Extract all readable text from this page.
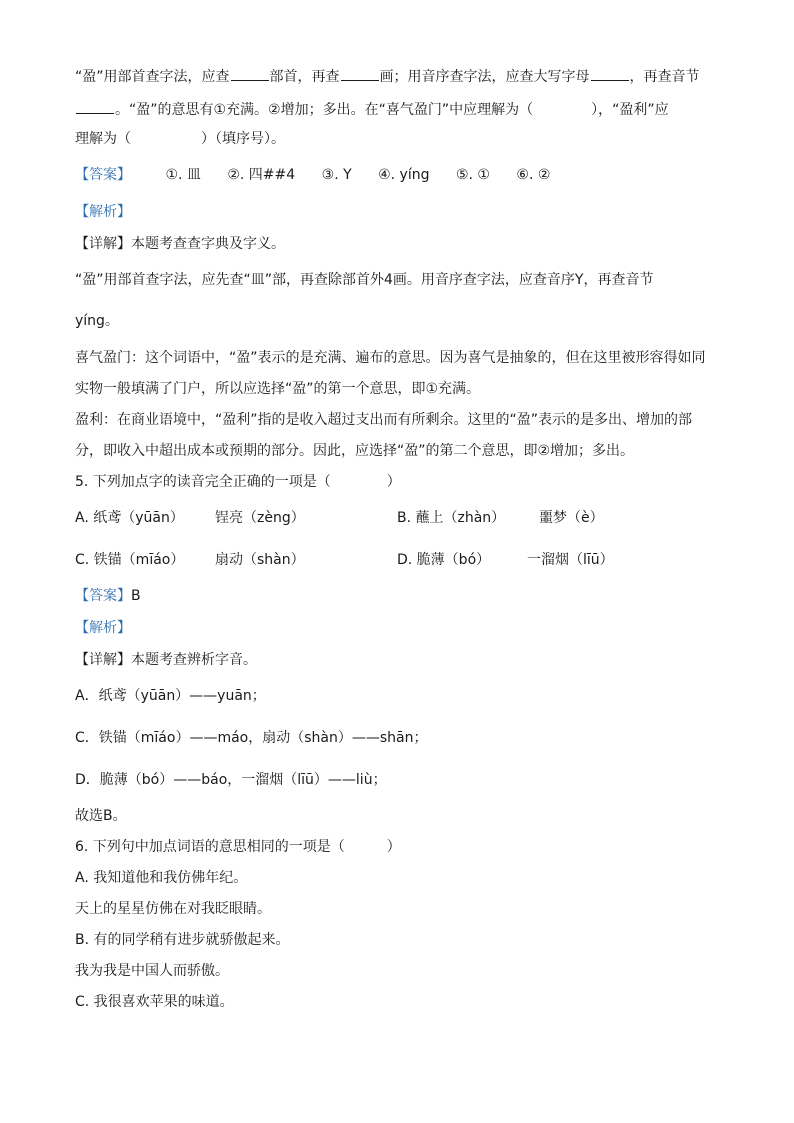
“盈”用部首查字法，应查	部首，再查	画；用音序查字法，应查大写字母	，再查音节
。“盈”的意思有①充满。②增加；多出。在“喜气盈门”中应理解为（	），“盈利”应
理解为（　　　　　）（填序号）。
【答案】 ①. 皿 ②. 四##4 ③. Y ④. yíng ⑤. ① ⑥. ②
【解析】
【详解】本题考查查字典及字义。
“盈”用部首查字法，应先查“皿”部，再查除部首外4画。用音序查字法，应查音序Y，再查音节
yíng。
喜气盈门：这个词语中，“盈”表示的是充满、遍布的意思。因为喜气是抽象的，但在这里被形容得如同
实物一般填满了门户，所以应选择“盈”的第一个意思，即①充满。
盈利：在商业语境中，“盈利”指的是收入超过支出而有所剩余。这里的“盈”表示的是多出、增加的部
分，即收入中超出成本或预期的部分。因此，应选择“盈”的第二个意思，即②增加；多出。
5. 下列加点字的读音完全正确的一项是（　　　　）
A. 纸鸢（yūān） 锃亮（zèng）	B. 蘸上（zhàn） 噩梦（è）
C. 铁锚（mīáo） 扇动（shàn）	D. 脆薄（bó）	一溜烟（līū）
【答案】B
【解析】
【详解】本题考查辨析字音。
A．纸鸢（yūān）——yuān；
C．铁锚（mīáo）——máo，扇动（shàn）——shān；
D．脆薄（bó）——báo，一溜烟（līū）——liù；
故选B。
6. 下列句中加点词语的意思相同的一项是（　　　）
A. 我知道他和我仿佛年纪。
天上的星星仿佛在对我眨眼睛。
B. 有的同学稍有进步就骄傲起来。
我为我是中国人而骄傲。
C. 我很喜欢苹果的味道。
